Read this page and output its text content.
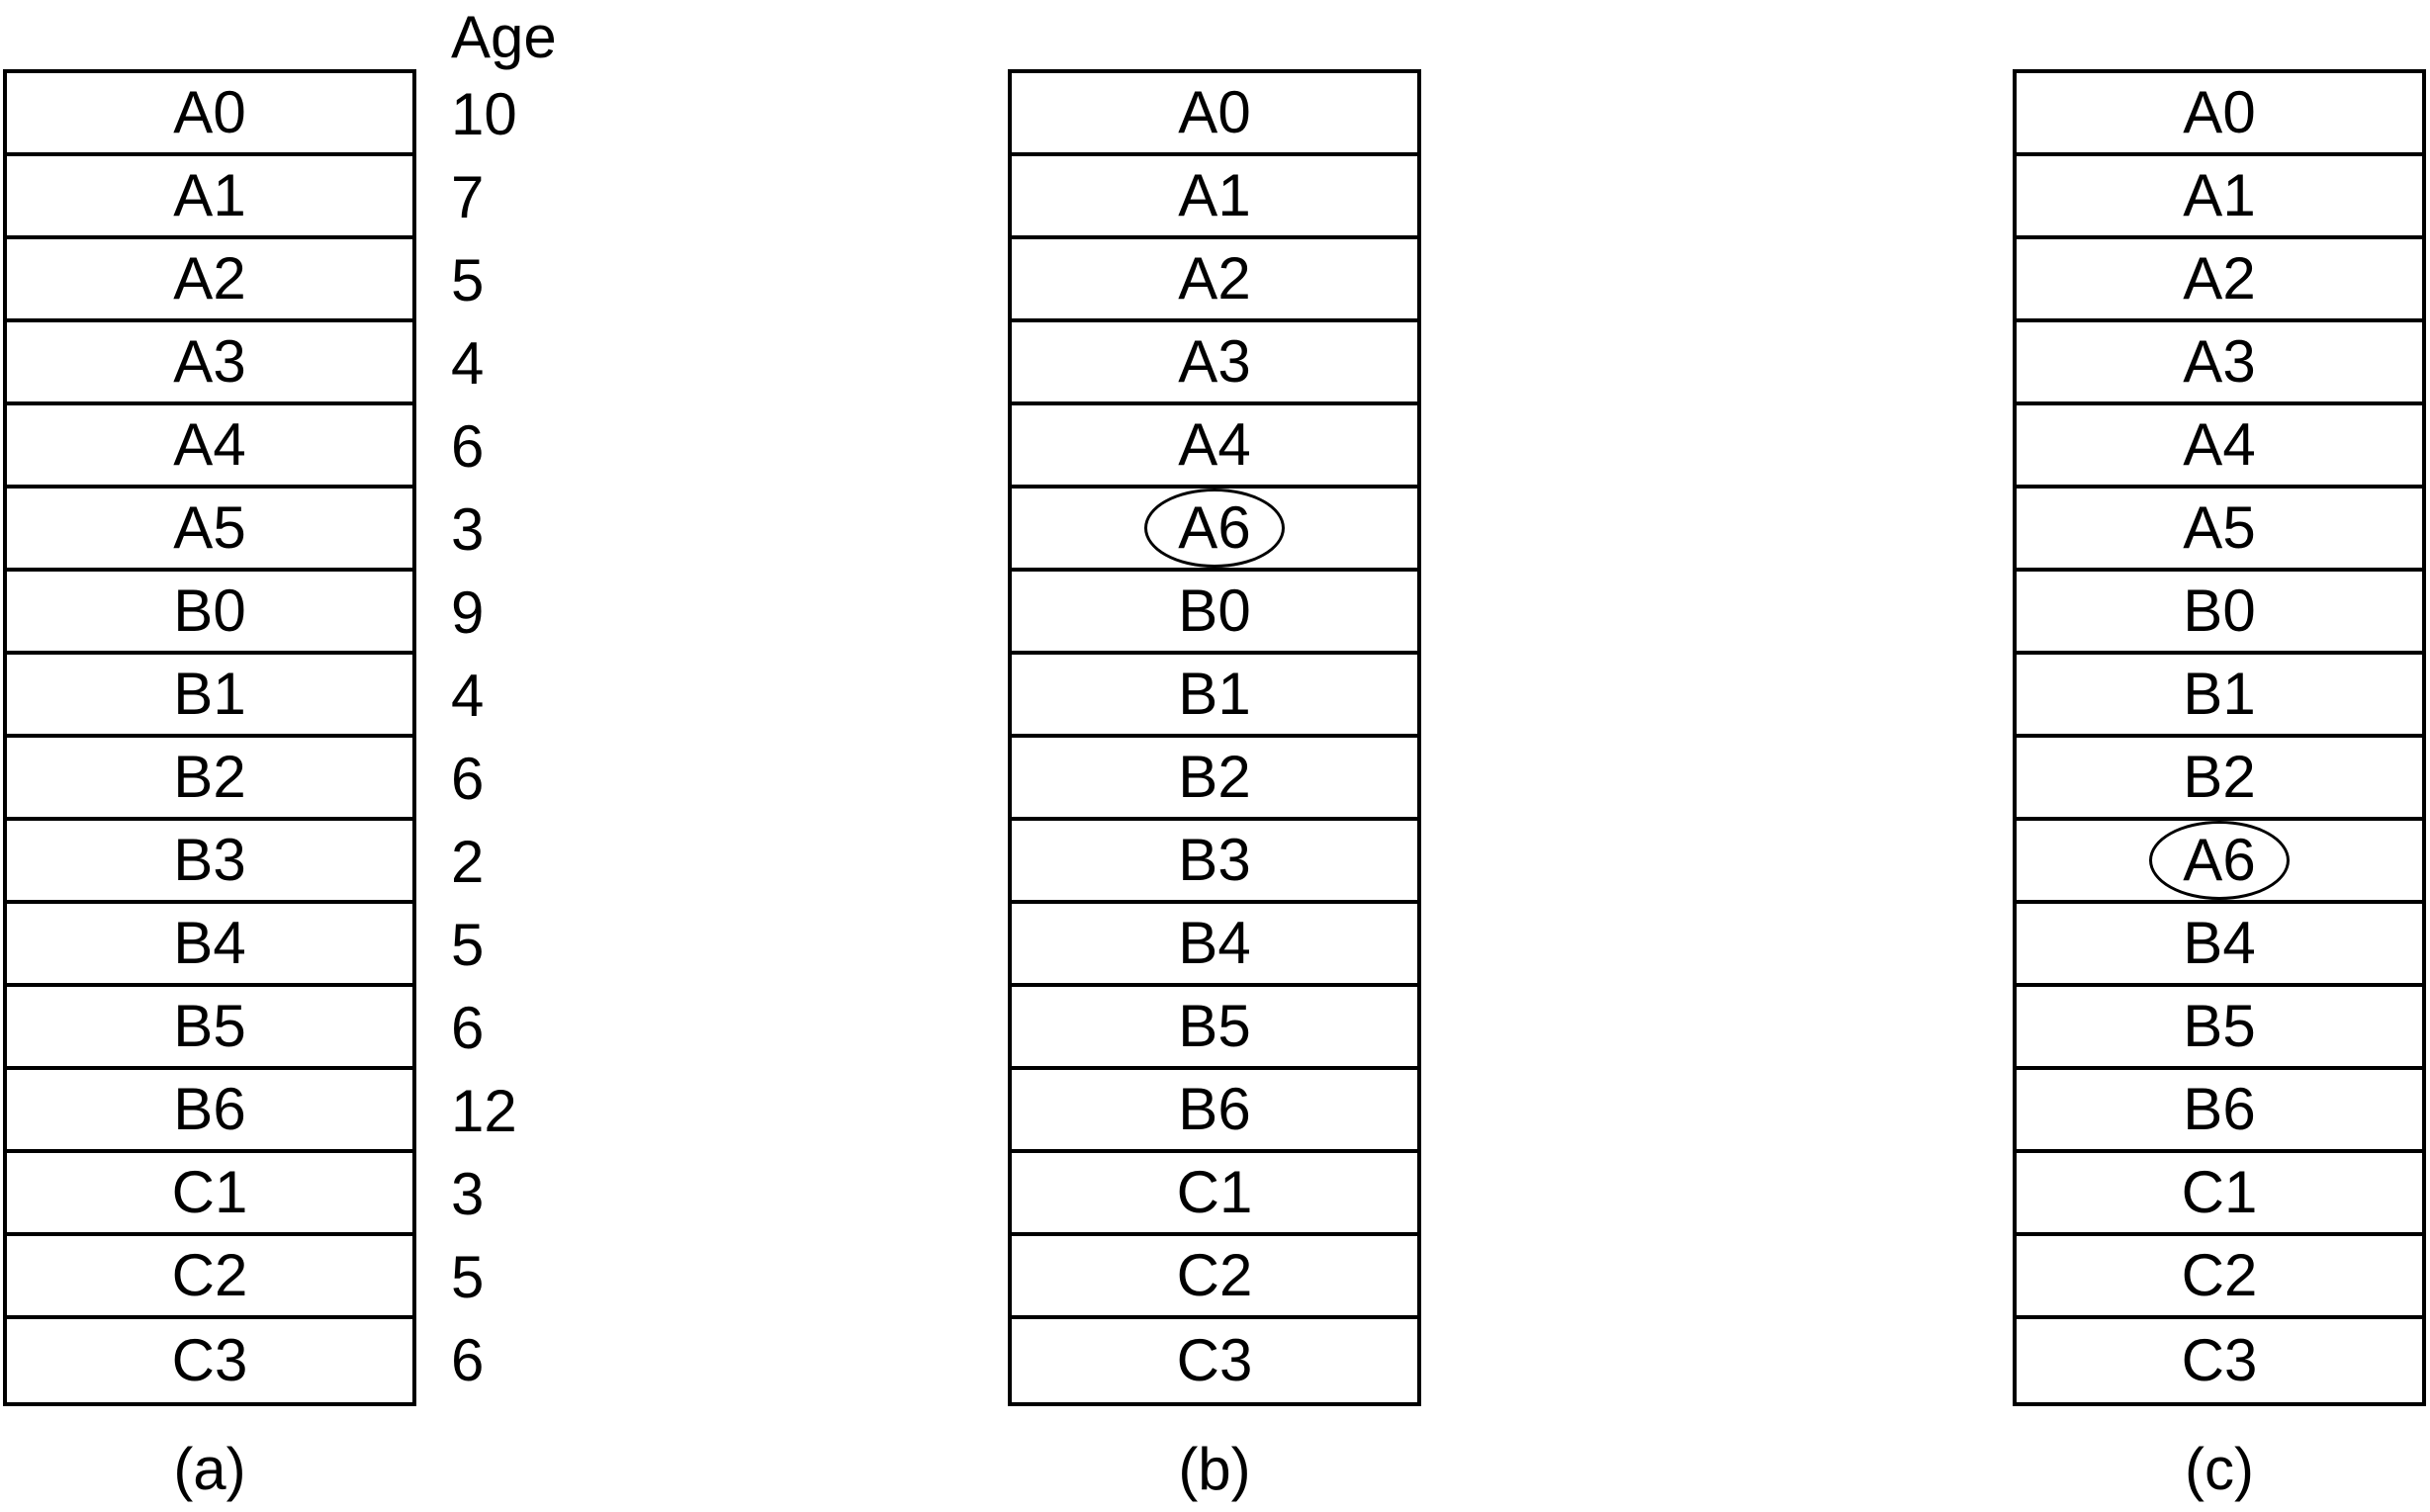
A0
A1
A2
A3
A4
A5
B0
B1
B2
B3
B4
B5
B6
C1
C2
C3
Age
10
7
5
4
6
3
9
4
6
2
5
6
12
3
5
6
(a)
A0
A1
A2
A3
A4
A6
B0
B1
B2
B3
B4
B5
B6
C1
C2
C3
(b)
A0
A1
A2
A3
A4
A5
B0
B1
B2
A6
B4
B5
B6
C1
C2
C3
(c)
